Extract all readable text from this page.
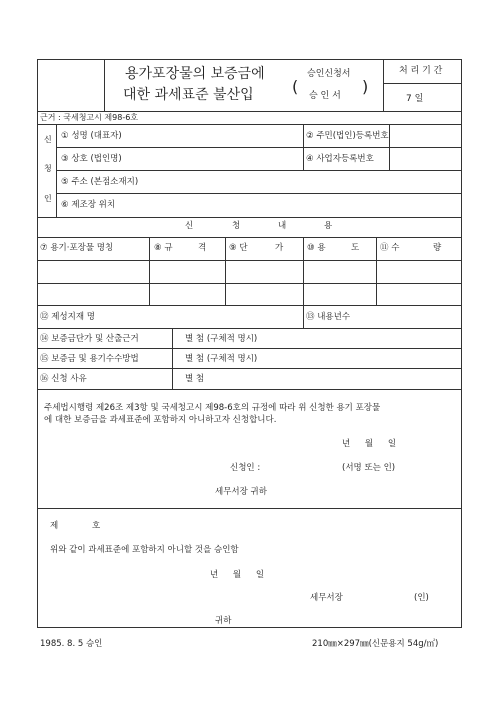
용가포장물의 보증금에
대한 과세표준 불산입 (
승인신청서
승 인 서 )
처 리 기 간
7 일
근거 : 국세청고시 제98-6호
신
청
인
① 성명 (대표자)	② 주민(법인)등록번호
③ 상호 (법인명)	④ 사업자등록번호
⑤ 주소 (본점소재지)
⑥ 제조장 위치
신	청	내	용
⑦ 용기·포장물 명칭	⑧ 규	격	⑨ 단	가	⑩ 용	도 ⑪ 수	량
⑫ 제성지재 명	⑬ 내용년수
⑭ 보증금단가 및 산출근거	별 첨 (구체적 명시)
⑮ 보증금 및 용기수수방법	별 첨 (구체적 명시)
⑯ 신청 사유	별 첨
주세법시행령 제26조 제3항 및 국세청고시 제98-6호의 규정에 따라 위 신청한 용기 포장물
에 대한 보증금을 과세표준에 포함하지 아니하고자 신청합니다.
년 월 일
신청인 :	(서명 또는 인)
세무서장 귀하
제	호
위와 같이 과세표준에 포함하지 아니할 것을 승인함
년 월 일
세무서장	(인)
귀하
1985. 8. 5 승인	210㎜×297㎜(신문용지 54g/㎡)
